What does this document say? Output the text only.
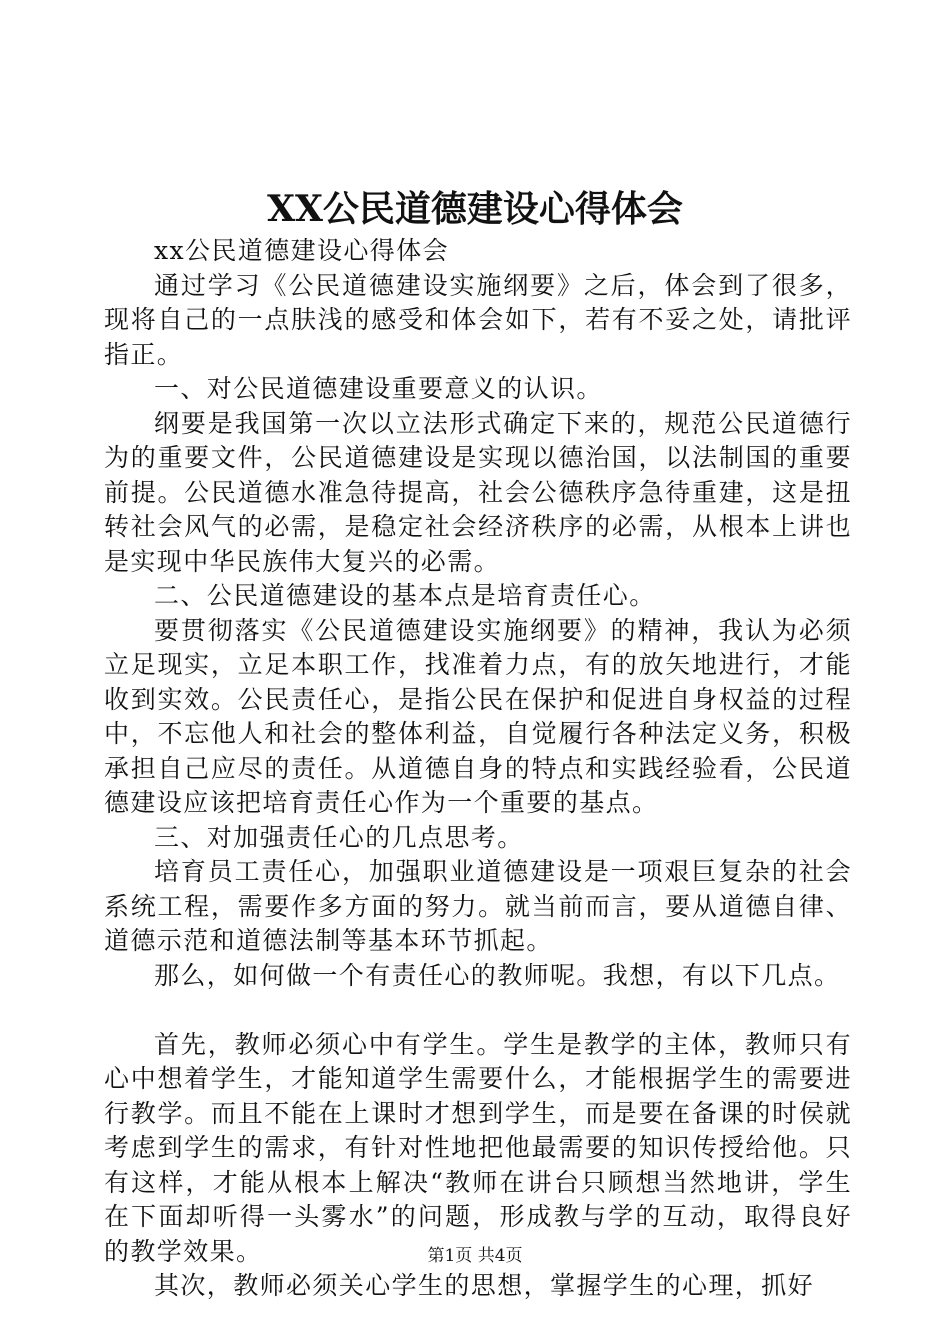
XX公民道德建设心得体会

xx公民道德建设心得体会

通过学习《公民道德建设实施纲要》之后，体会到了很多，现将自己的一点肤浅的感受和体会如下，若有不妥之处，请批评指正。

一、对公民道德建设重要意义的认识。

纲要是我国第一次以立法形式确定下来的，规范公民道德行为的重要文件，公民道德建设是实现以德治国，以法制国的重要前提。公民道德水准急待提高，社会公德秩序急待重建，这是扭转社会风气的必需，是稳定社会经济秩序的必需，从根本上讲也是实现中华民族伟大复兴的必需。

二、公民道德建设的基本点是培育责任心。

要贯彻落实《公民道德建设实施纲要》的精神，我认为必须立足现实，立足本职工作，找准着力点，有的放矢地进行，才能收到实效。公民责任心，是指公民在保护和促进自身权益的过程中，不忘他人和社会的整体利益，自觉履行各种法定义务，积极承担自己应尽的责任。从道德自身的特点和实践经验看，公民道德建设应该把培育责任心作为一个重要的基点。

三、对加强责任心的几点思考。

培育员工责任心，加强职业道德建设是一项艰巨复杂的社会系统工程，需要作多方面的努力。就当前而言，要从道德自律、道德示范和道德法制等基本环节抓起。

那么，如何做一个有责任心的教师呢。我想，有以下几点。

首先，教师必须心中有学生。学生是教学的主体，教师只有心中想着学生，才能知道学生需要什么，才能根据学生的需要进行教学。而且不能在上课时才想到学生，而是要在备课的时侯就考虑到学生的需求，有针对性地把他最需要的知识传授给他。只有这样，才能从根本上解决“教师在讲台只顾想当然地讲，学生在下面却听得一头雾水”的问题，形成教与学的互动，取得良好的教学效果。

其次，教师必须关心学生的思想，掌握学生的心理，抓好

第1页 共4页
